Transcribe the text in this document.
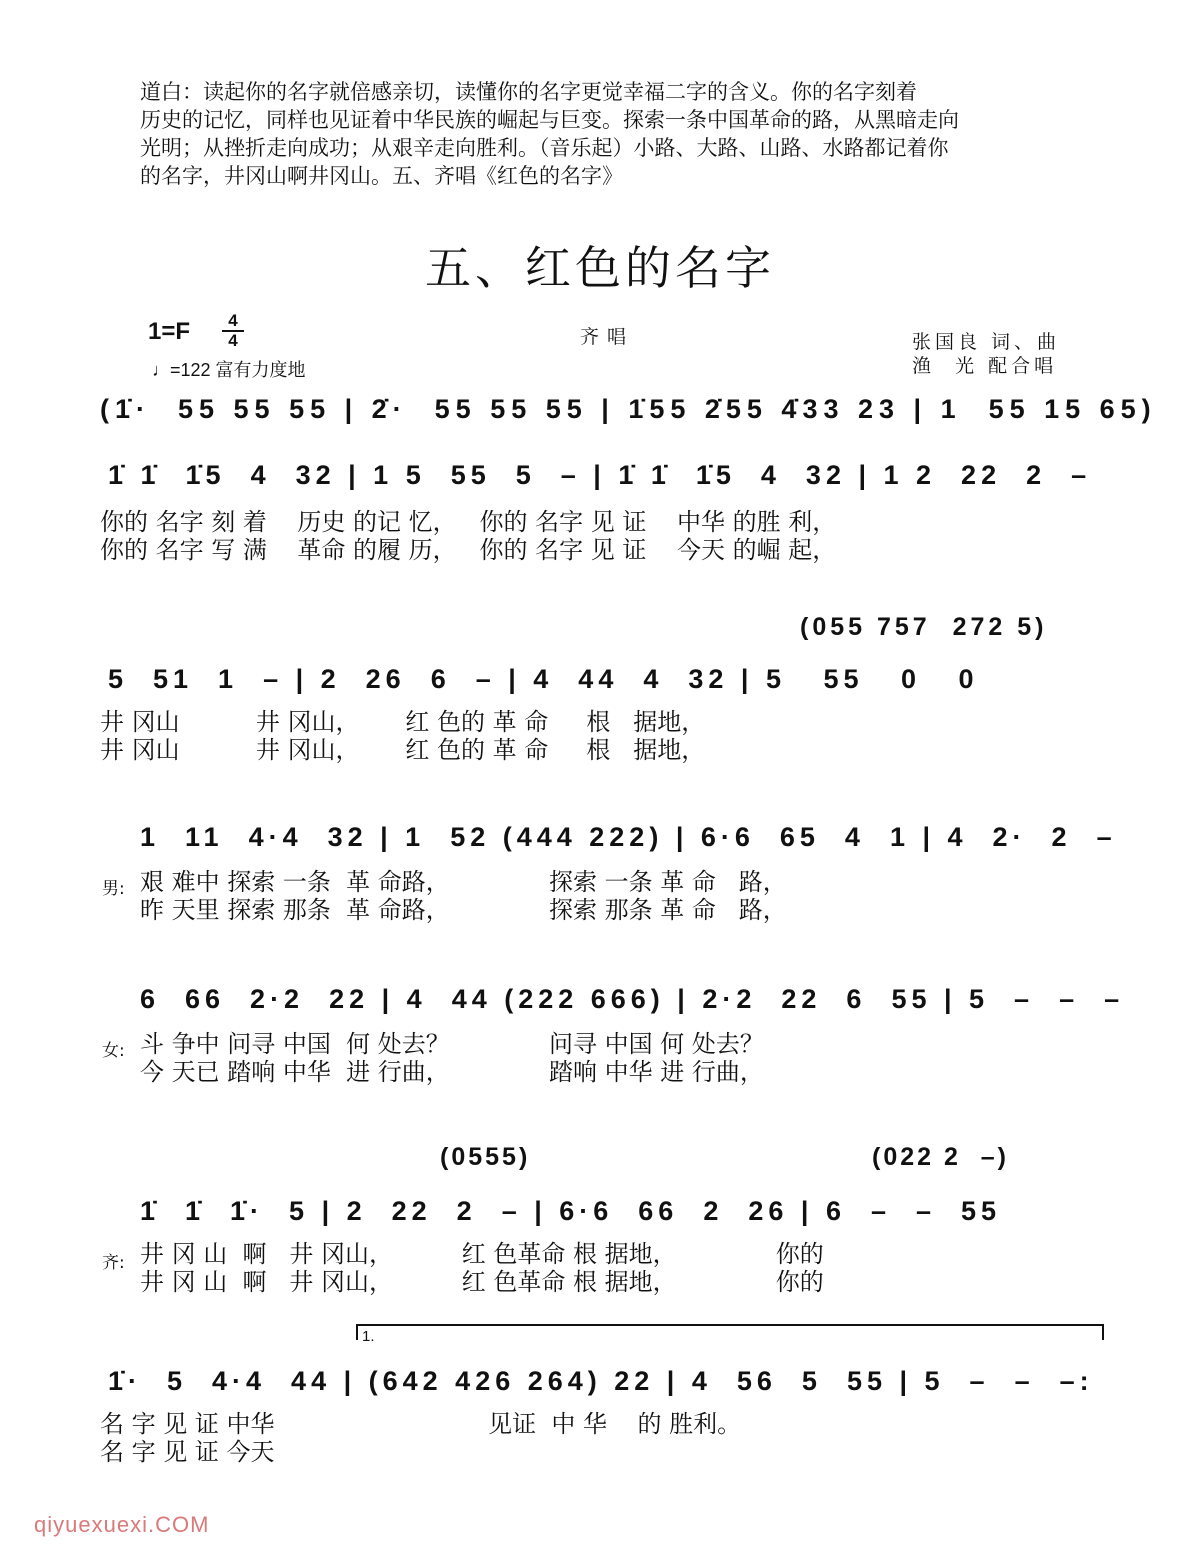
道白：读起你的名字就倍感亲切，读懂你的名字更觉幸福二字的含义。你的名字刻着

历史的记忆，同样也见证着中华民族的崛起与巨变。探索一条中国革命的路，从黑暗走向

光明；从挫折走向成功；从艰辛走向胜利。（音乐起）小路、大路、山路、水路都记着你

的名字，井冈山啊井冈山。五、齐唱《红色的名字》

五、红色的名字
1=F	4
4
♩=122 富有力度地
齐唱	张国良 词、曲
渔  光 配合唱
(1̇·  55 55 55 | 2̇·  55 55 55 | 1̇55 2̇55 4̇33 23 | 1  55 15 65)
1̇ 1̇  1̇5  4  32 | 1 5  55  5  – | 1̇ 1̇  1̇5  4  32 | 1 2  22  2  –
你的 名字 刻 着    历史 的记 忆，   你的 名字 见 证    中华 的胜 利，
你的 名字 写 满    革命 的履 历，   你的 名字 见 证    今天 的崛 起，
(055 757  272 5)
5  51  1  – | 2  26  6  – | 4  44  4  32 | 5   55   0   0
井 冈山          井 冈山，      红 色的 革 命     根   据地，
井 冈山          井 冈山，      红 色的 革 命     根   据地，
1  11  4·4  32 | 1  52 (444 222) | 6·6  65  4  1 | 4  2·  2  –
男: 艰 难中 探索 一条  革 命路，             探索 一条 革 命   路，
昨 天里 探索 那条  革 命路，             探索 那条 革 命   路，
6  66  2·2  22 | 4  44 (222 666) | 2·2  22  6  55 | 5  –  –  –
女: 斗 争中 问寻 中国  何 处去？             问寻 中国 何 处去？
今 天已 踏响 中华  进 行曲，             踏响 中华 进 行曲，
(0555)	(022 2  –)
1̇  1̇  1̇·  5 | 2  22  2  – | 6·6  66  2  26 | 6  –  –  55
齐: 井 冈 山  啊   井 冈山，         红 色革命 根 据地，             你的
井 冈 山  啊   井 冈山，         红 色革命 根 据地，             你的
1.
1̇·  5  4·4  44 | (642 426 264) 22 | 4  56  5  55 | 5  –  –  –:
名 字 见 证 中华                            见证  中 华    的 胜利。
名 字 见 证 今天
qiyuexuexi.COM
